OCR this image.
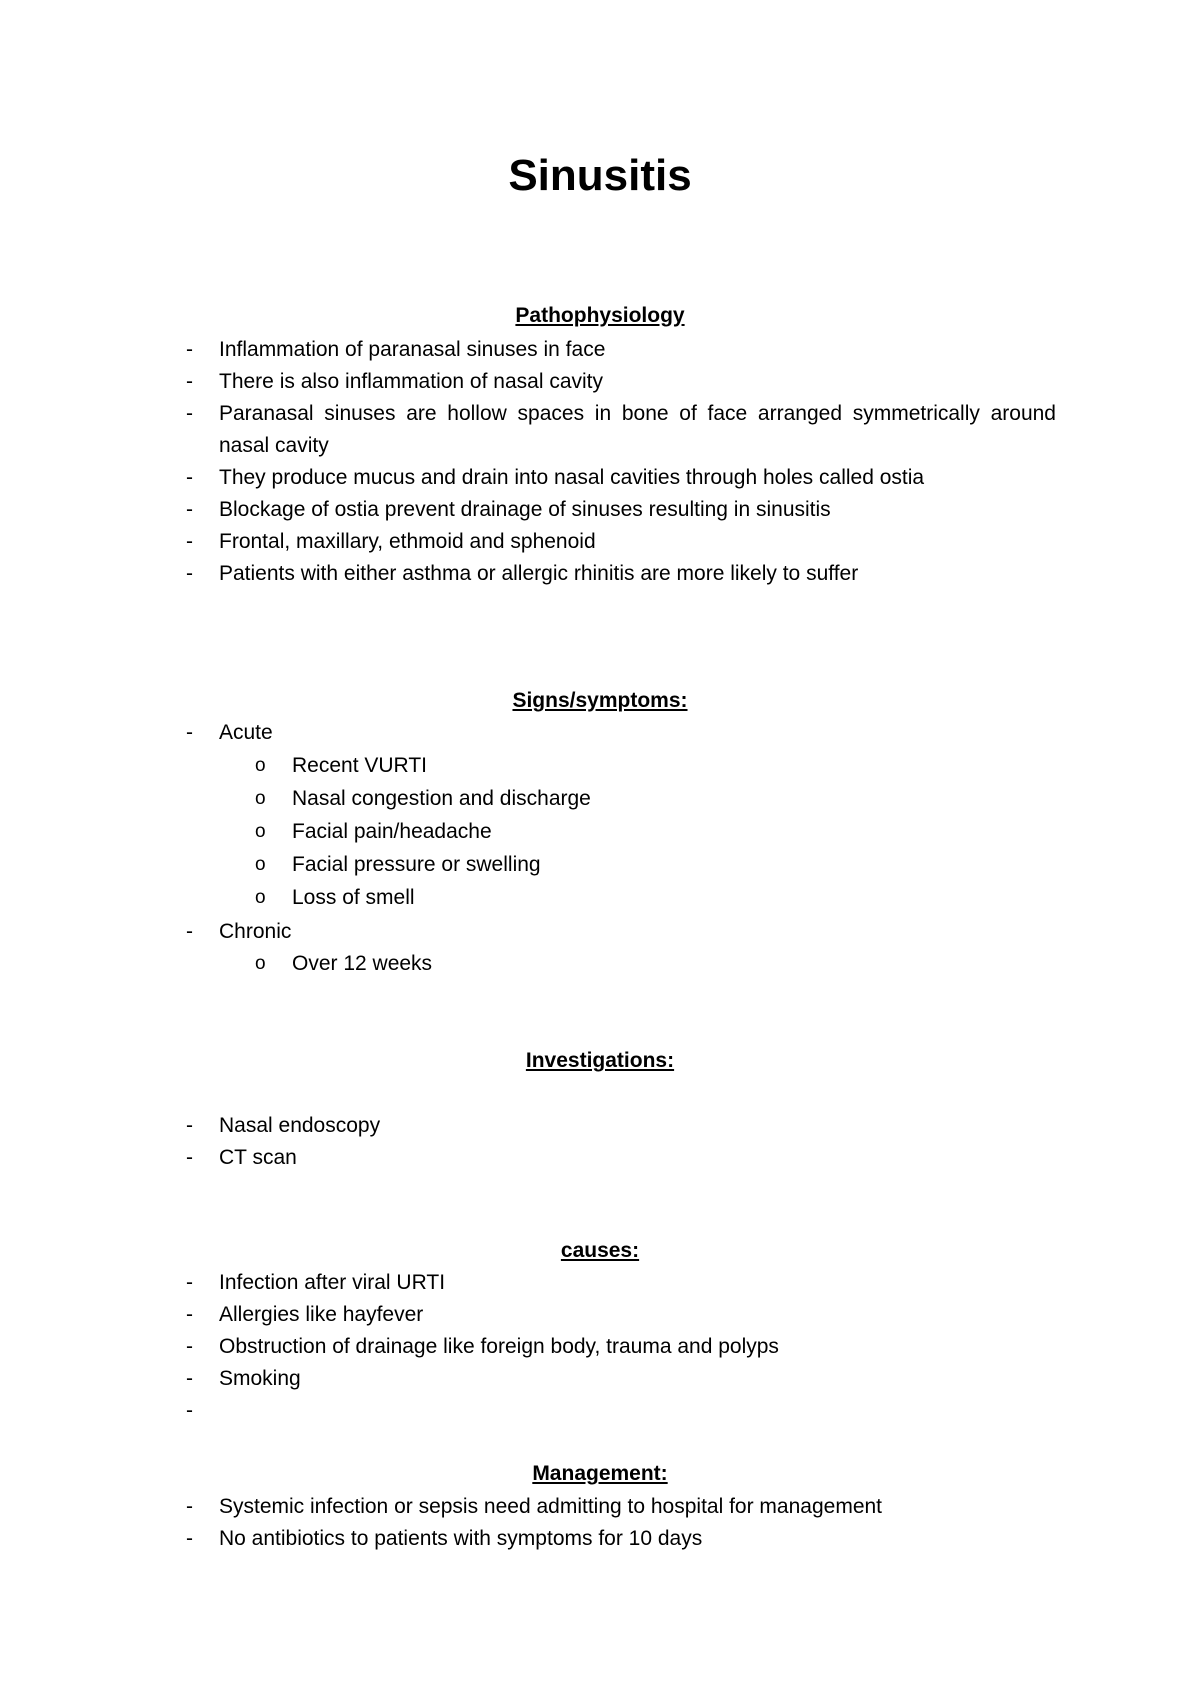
Sinusitis
Pathophysiology
- Inflammation of paranasal sinuses in face
- There is also inflammation of nasal cavity
- Paranasal sinuses are hollow spaces in bone of face arranged symmetrically around nasal cavity
- They produce mucus and drain into nasal cavities through holes called ostia
- Blockage of ostia prevent drainage of sinuses resulting in sinusitis
- Frontal, maxillary, ethmoid and sphenoid
- Patients with either asthma or allergic rhinitis are more likely to suffer
Signs/symptoms:
- Acute
o Recent VURTI
o Nasal congestion and discharge
o Facial pain/headache
o Facial pressure or swelling
o Loss of smell
- Chronic
o Over 12 weeks
Investigations:
- Nasal endoscopy
- CT scan
causes:
- Infection after viral URTI
- Allergies like hayfever
- Obstruction of drainage like foreign body, trauma and polyps
- Smoking
-
Management:
- Systemic infection or sepsis need admitting to hospital for management
- No antibiotics to patients with symptoms for 10 days
